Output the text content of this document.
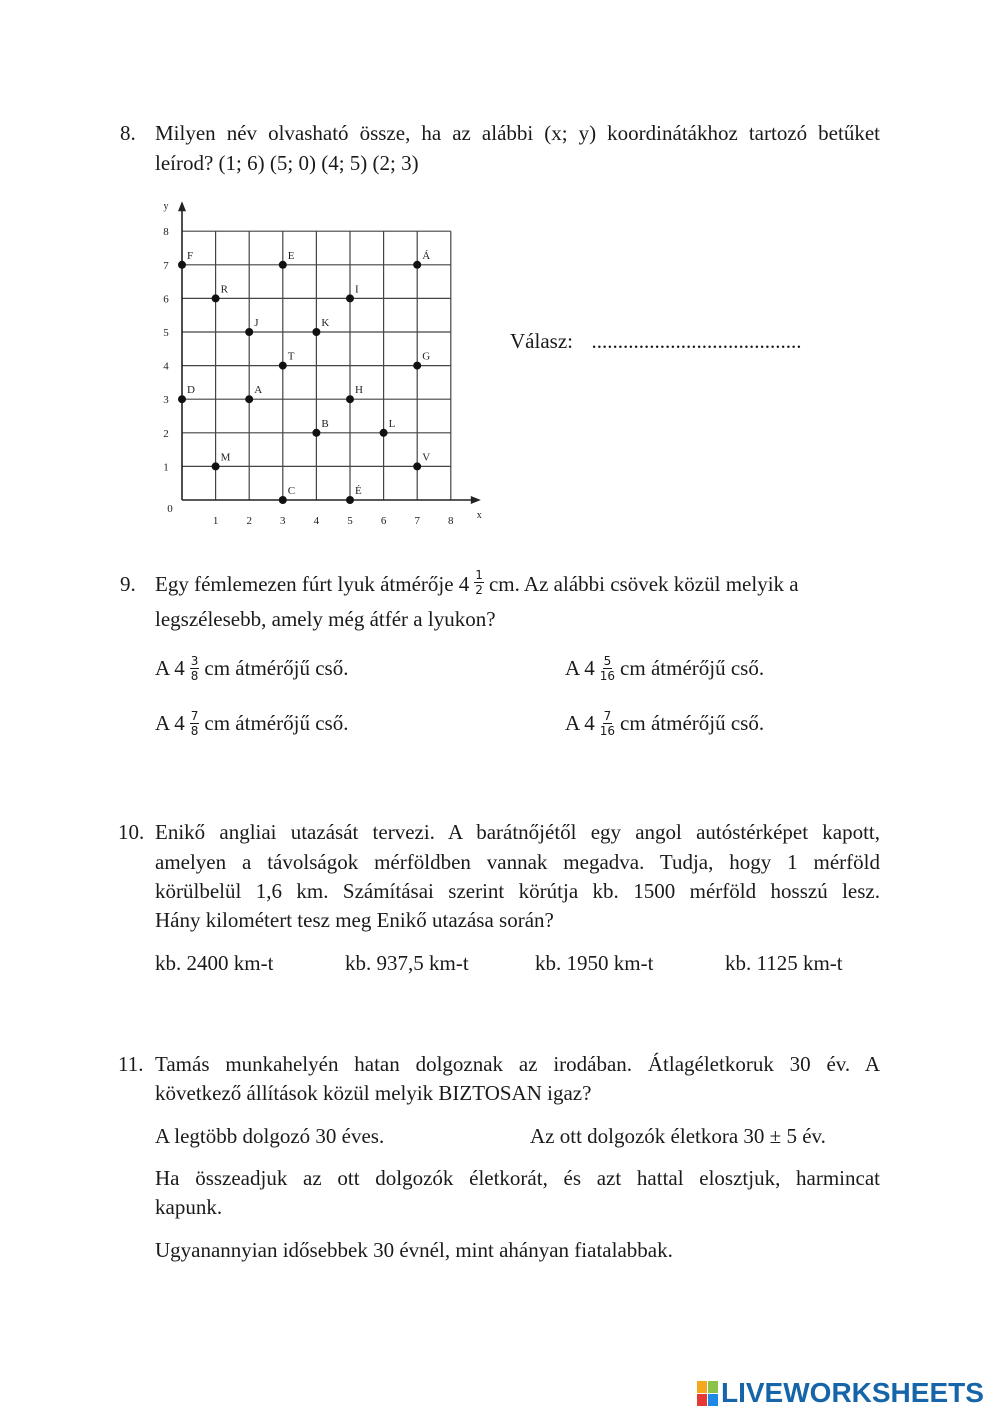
8. Milyen név olvasható össze, ha az alábbi (x; y) koordinátákhoz tartozó betűket
leírod? (1; 6) (5; 0) (4; 5) (2; 3)
x
y
0
1	2	3	4	5	6	7	8
1
2
3
4
5
6
7
8
F	E	Á
R	I
J	K
T	G
D	A	H
B	L
M	V
C	É
Válasz: ........................................
9. Egy fémlemezen fúrt lyuk átmérője $4 \frac{1}{2}$ cm. Az alábbi csövek közül melyik a
legszélesebb, amely még átfér a lyukon?
A $4 \frac{3}{8}$ cm átmérőjű cső.	A $4 \frac{5}{16}$ cm átmérőjű cső.
A $4 \frac{7}{8}$ cm átmérőjű cső.	A $4 \frac{7}{16}$ cm átmérőjű cső.
10. Enikő angliai utazását tervezi. A barátnőjétől egy angol autóstérképet kapott,
amelyen a távolságok mérföldben vannak megadva. Tudja, hogy 1 mérföld
körülbelül 1,6 km. Számításai szerint körútja kb. 1500 mérföld hosszú lesz.
Hány kilométert tesz meg Enikő utazása során?
kb. 2400 km-t	kb. 937,5 km-t	kb. 1950 km-t	kb. 1125 km-t
11. Tamás munkahelyén hatan dolgoznak az irodában. Átlagéletkoruk 30 év. A
következő állítások közül melyik BIZTOSAN igaz?
A legtöbb dolgozó 30 éves.	Az ott dolgozók életkora 30 ± 5 év.
Ha összeadjuk az ott dolgozók életkorát, és azt hattal elosztjuk, harmincat
kapunk.
Ugyanannyian idősebbek 30 évnél, mint ahányan fiatalabbak.
LIVEWORKSHEETS
